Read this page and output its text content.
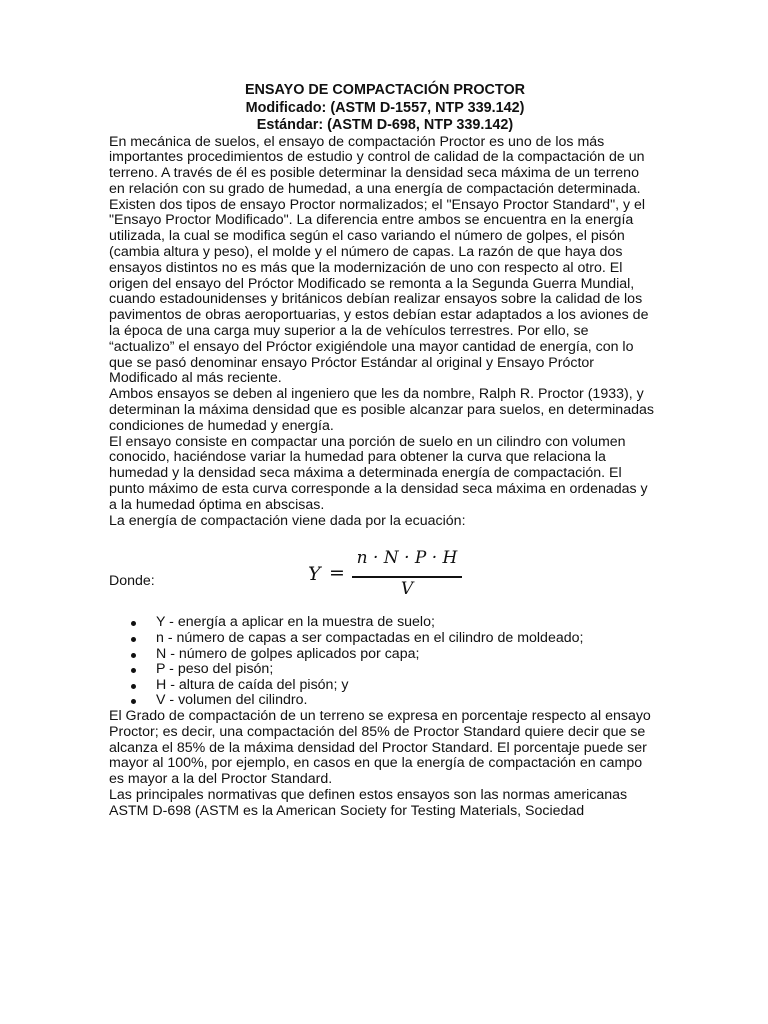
ENSAYO DE COMPACTACIÓN PROCTOR
Modificado: (ASTM D-1557, NTP 339.142)
Estándar: (ASTM D-698, NTP 339.142)

En mecánica de suelos, el ensayo de compactación Proctor es uno de los más
importantes procedimientos de estudio y control de calidad de la compactación de un
terreno. A través de él es posible determinar la densidad seca máxima de un terreno
en relación con su grado de humedad, a una energía de compactación determinada.

Existen dos tipos de ensayo Proctor normalizados; el "Ensayo Proctor Standard", y el
"Ensayo Proctor Modificado". La diferencia entre ambos se encuentra en la energía
utilizada, la cual se modifica según el caso variando el número de golpes, el pisón
(cambia altura y peso), el molde y el número de capas. La razón de que haya dos
ensayos distintos no es más que la modernización de uno con respecto al otro. El
origen del ensayo del Próctor Modificado se remonta a la Segunda Guerra Mundial,
cuando estadounidenses y británicos debían realizar ensayos sobre la calidad de los
pavimentos de obras aeroportuarias, y estos debían estar adaptados a los aviones de
la época de una carga muy superior a la de vehículos terrestres. Por ello, se
“actualizo” el ensayo del Próctor exigiéndole una mayor cantidad de energía, con lo
que se pasó denominar ensayo Próctor Estándar al original y Ensayo Próctor
Modificado al más reciente.

Ambos ensayos se deben al ingeniero que les da nombre, Ralph R. Proctor (1933), y
determinan la máxima densidad que es posible alcanzar para suelos, en determinadas
condiciones de humedad y energía.

El ensayo consiste en compactar una porción de suelo en un cilindro con volumen
conocido, haciéndose variar la humedad para obtener la curva que relaciona la
humedad y la densidad seca máxima a determinada energía de compactación. El
punto máximo de esta curva corresponde a la densidad seca máxima en ordenadas y
a la humedad óptima en abscisas.

La energía de compactación viene dada por la ecuación:

Donde:	Y =
n · N · P · H
V
Y - energía a aplicar en la muestra de suelo;
n - número de capas a ser compactadas en el cilindro de moldeado;
N - número de golpes aplicados por capa;
P - peso del pisón;
H - altura de caída del pisón; y
V - volumen del cilindro.

El Grado de compactación de un terreno se expresa en porcentaje respecto al ensayo
Proctor; es decir, una compactación del 85% de Proctor Standard quiere decir que se
alcanza el 85% de la máxima densidad del Proctor Standard. El porcentaje puede ser
mayor al 100%, por ejemplo, en casos en que la energía de compactación en campo
es mayor a la del Proctor Standard.

Las principales normativas que definen estos ensayos son las normas americanas
ASTM D-698 (ASTM es la American Society for Testing Materials, Sociedad
